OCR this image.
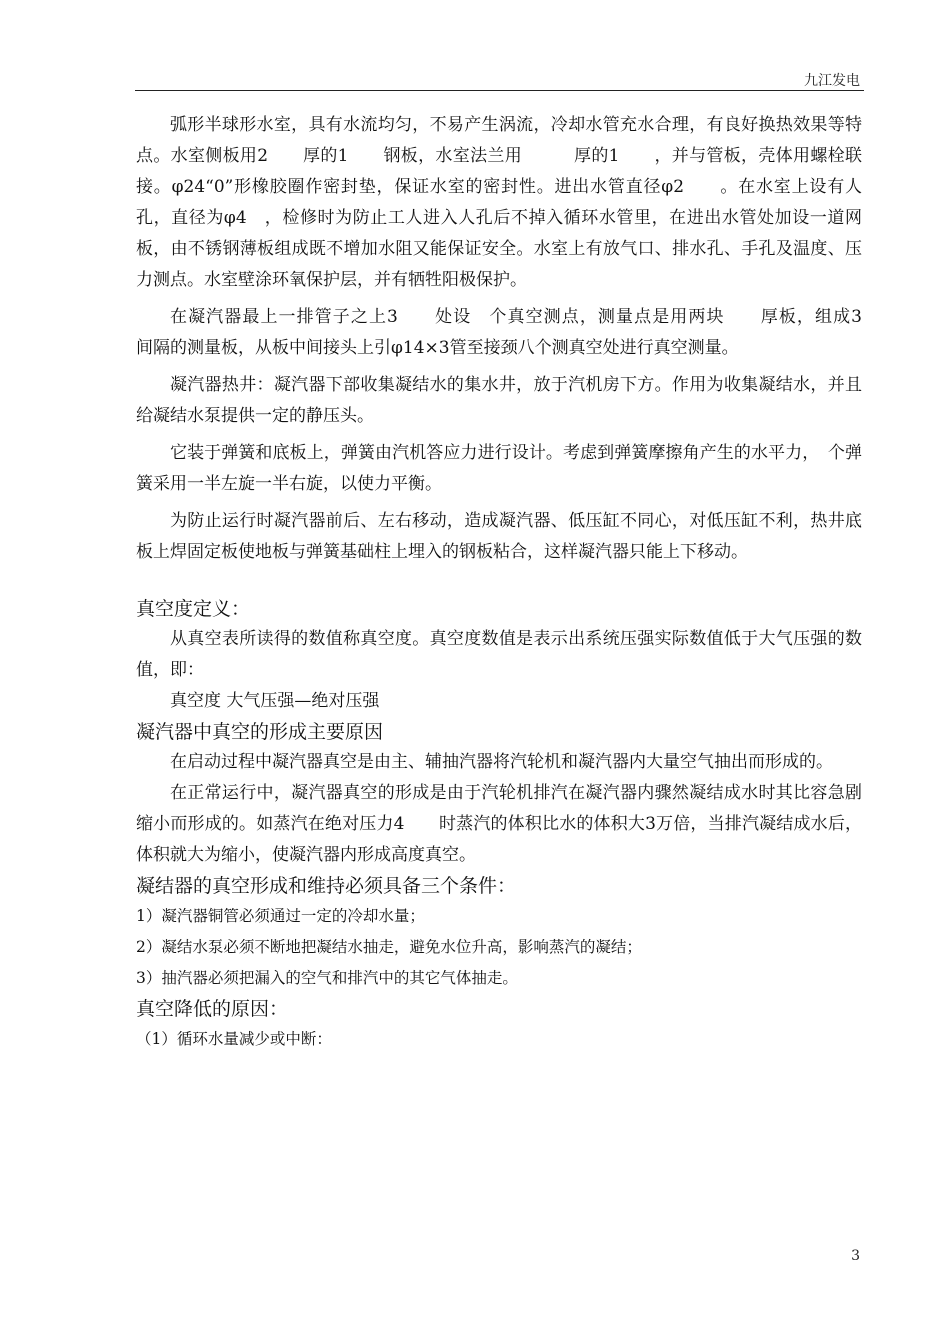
九江发电

弧形半球形水室，具有水流均匀，不易产生涡流，冷却水管充水合理，有良好换热效果等特点。水室侧板用2　　厚的1　　钢板，水室法兰用　　　厚的1　　，并与管板，壳体用螺栓联接。φ24“0”形橡胶圈作密封垫，保证水室的密封性。进出水管直径φ2　　。在水室上设有人孔，直径为φ4　，检修时为防止工人进入人孔后不掉入循环水管里，在进出水管处加设一道网板，由不锈钢薄板组成既不增加水阻又能保证安全。水室上有放气口、排水孔、手孔及温度、压力测点。水室壁涂环氧保护层，并有牺牲阳极保护。

在凝汽器最上一排管子之上3　　处设　个真空测点，测量点是用两块　　厚板，组成3　　间隔的测量板，从板中间接头上引φ14×3管至接颈八个测真空处进行真空测量。

凝汽器热井：凝汽器下部收集凝结水的集水井，放于汽机房下方。作用为收集凝结水，并且给凝结水泵提供一定的静压头。

它装于弹簧和底板上，弹簧由汽机答应力进行设计。考虑到弹簧摩擦角产生的水平力，　个弹簧采用一半左旋一半右旋，以使力平衡。

为防止运行时凝汽器前后、左右移动，造成凝汽器、低压缸不同心，对低压缸不利，热井底板上焊固定板使地板与弹簧基础柱上埋入的钢板粘合，这样凝汽器只能上下移动。

真空度定义：

从真空表所读得的数值称真空度。真空度数值是表示出系统压强实际数值低于大气压强的数值，即：

真空度 大气压强—绝对压强

凝汽器中真空的形成主要原因

在启动过程中凝汽器真空是由主、辅抽汽器将汽轮机和凝汽器内大量空气抽出而形成的。

在正常运行中，凝汽器真空的形成是由于汽轮机排汽在凝汽器内骤然凝结成水时其比容急剧缩小而形成的。如蒸汽在绝对压力4　　时蒸汽的体积比水的体积大3万倍，当排汽凝结成水后，体积就大为缩小，使凝汽器内形成高度真空。

凝结器的真空形成和维持必须具备三个条件：

1）凝汽器铜管必须通过一定的冷却水量；

2）凝结水泵必须不断地把凝结水抽走，避免水位升高，影响蒸汽的凝结；

3）抽汽器必须把漏入的空气和排汽中的其它气体抽走。

真空降低的原因：

（1）循环水量减少或中断：

3
